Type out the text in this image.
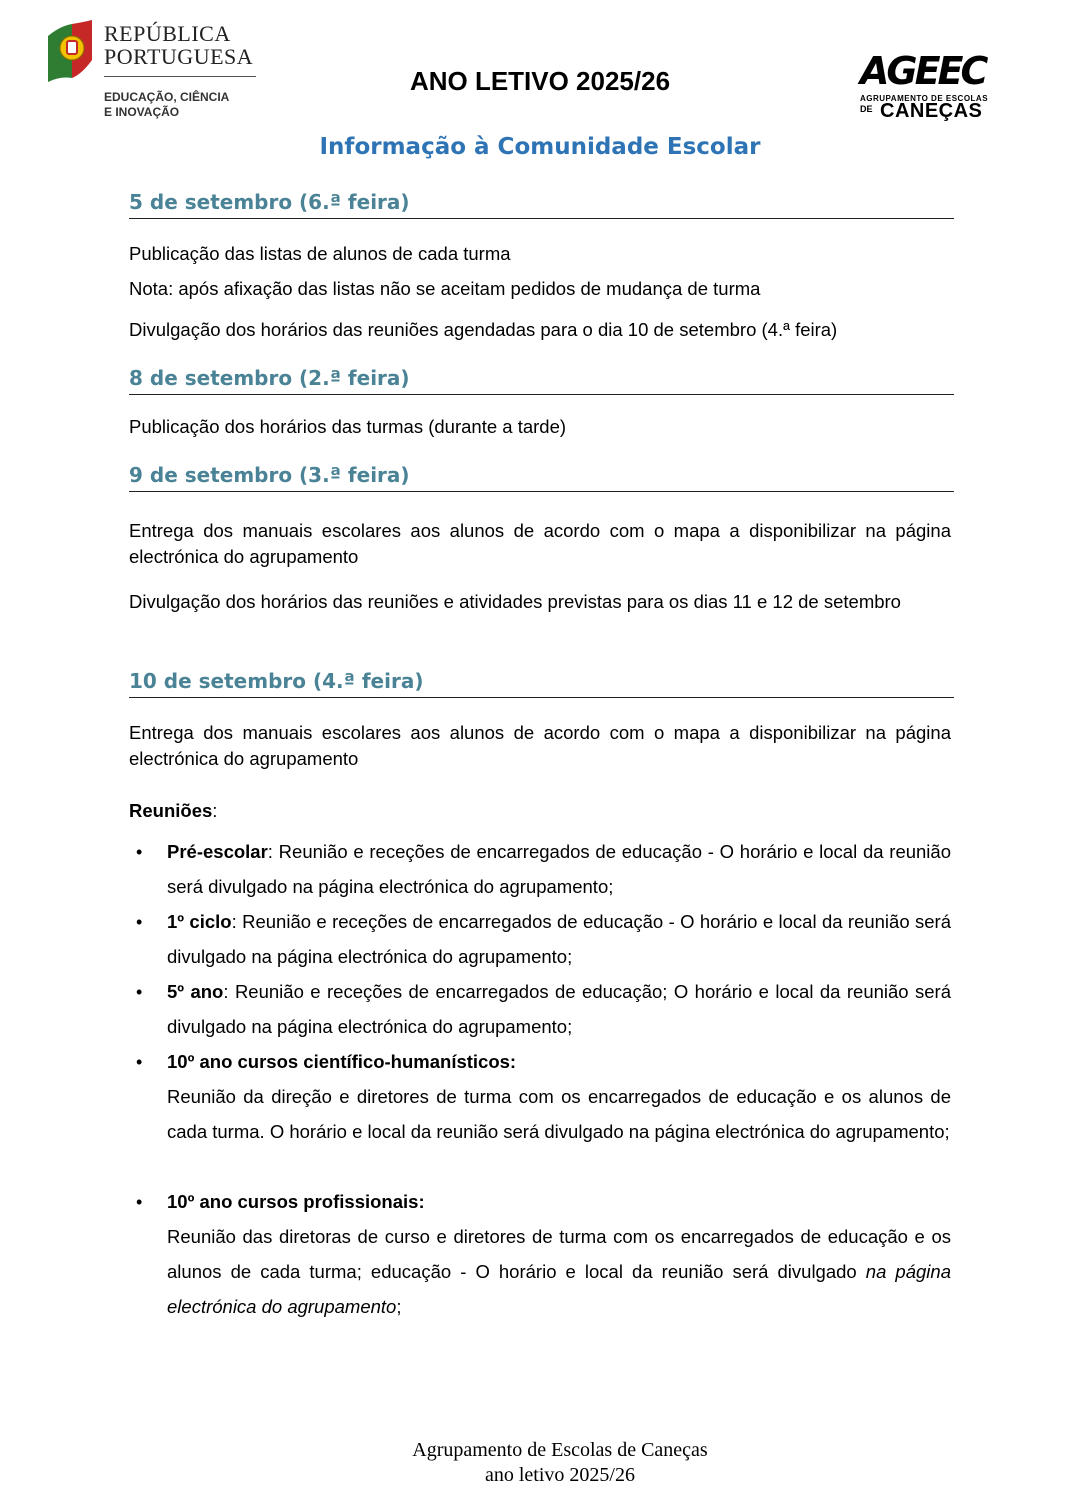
REPÚBLICA
PORTUGUESA
EDUCAÇÃO, CIÊNCIA
E INOVAÇÃO
ANO LETIVO 2025/26	AGEEC
AGRUPAMENTO DE ESCOLAS
DE CANEÇAS
Informação à Comunidade Escolar
5 de setembro (6.ª feira)
Publicação das listas de alunos de cada turma
Nota: após afixação das listas não se aceitam pedidos de mudança de turma
Divulgação dos horários das reuniões agendadas para o dia 10 de setembro (4.ª feira)
8 de setembro (2.ª feira)
Publicação dos horários das turmas (durante a tarde)
9 de setembro (3.ª feira)
Entrega dos manuais escolares aos alunos de acordo com o mapa a disponibilizar na página electrónica do agrupamento
Divulgação dos horários das reuniões e atividades previstas para os dias 11 e 12 de setembro
10 de setembro (4.ª feira)
Entrega dos manuais escolares aos alunos de acordo com o mapa a disponibilizar na página electrónica do agrupamento
Reuniões:
• Pré-escolar: Reunião e receções de encarregados de educação - O horário e local da reunião será divulgado na página electrónica do agrupamento;
• 1º ciclo: Reunião e receções de encarregados de educação - O horário e local da reunião será divulgado na página electrónica do agrupamento;
• 5º ano: Reunião e receções de encarregados de educação; O horário e local da reunião será divulgado na página electrónica do agrupamento;
• 10º ano cursos científico-humanísticos:
Reunião da direção e diretores de turma com os encarregados de educação e os alunos de cada turma. O horário e local da reunião será divulgado na página electrónica do agrupamento;
• 10º ano cursos profissionais:
Reunião das diretoras de curso e diretores de turma com os encarregados de educação e os alunos de cada turma; educação - O horário e local da reunião será divulgado na página electrónica do agrupamento;
Agrupamento de Escolas de Caneças
ano letivo 2025/26
